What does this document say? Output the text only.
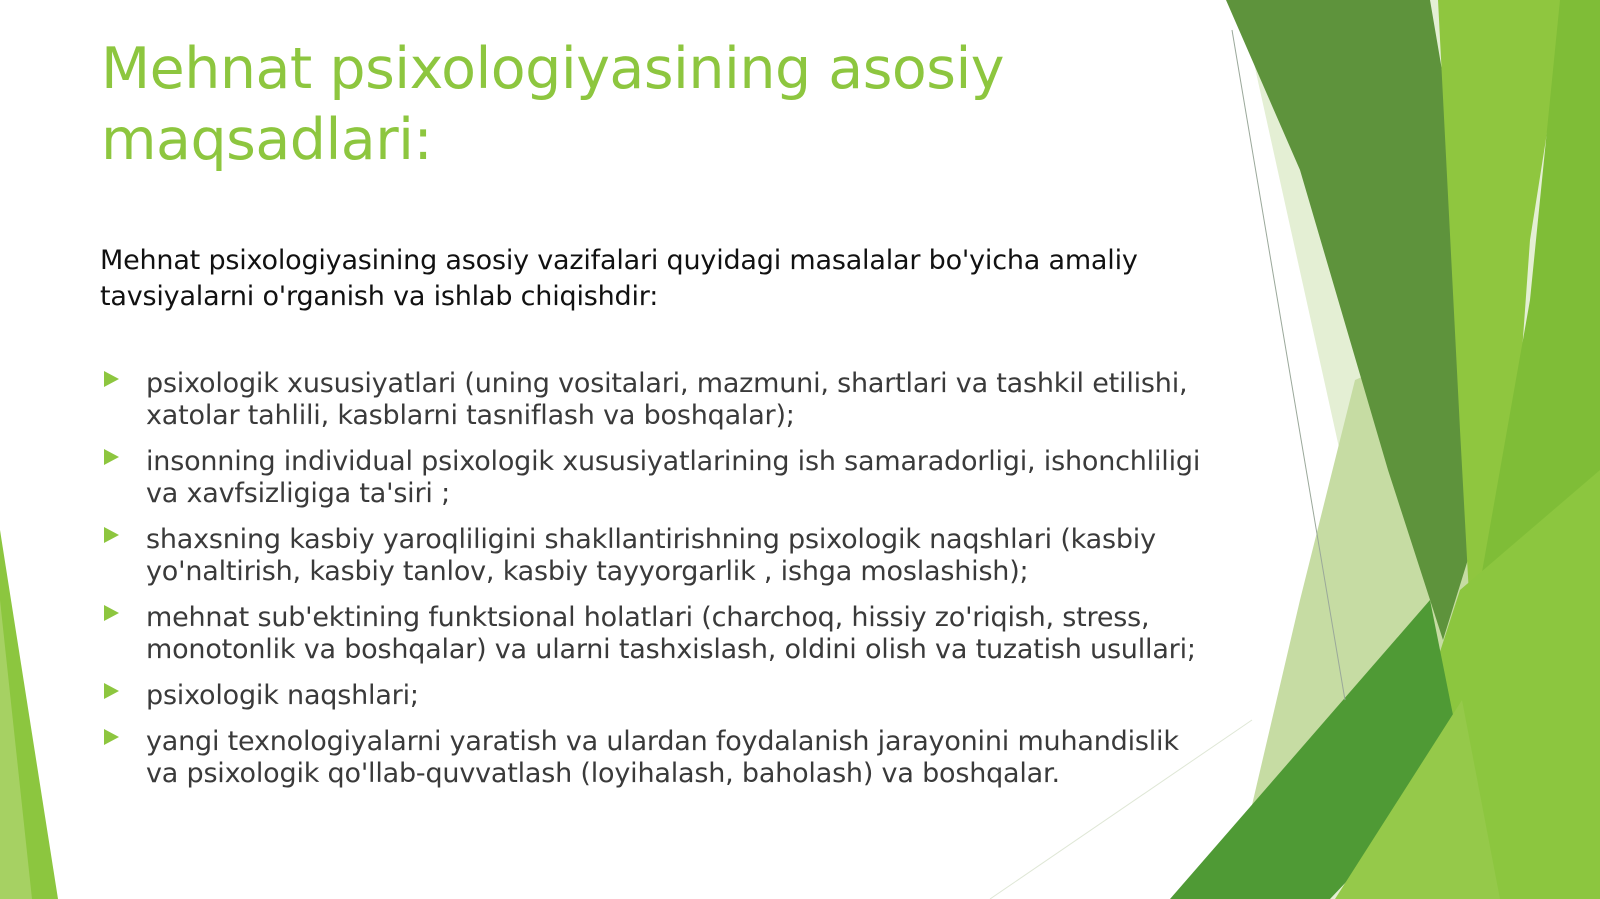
Mehnat psixologiyasining asosiy maqsadlari:

Mehnat psixologiyasining asosiy vazifalari quyidagi masalalar bo'yicha amaliy tavsiyalarni o'rganish va ishlab chiqishdir:

psixologik xususiyatlari (uning vositalari, mazmuni, shartlari va tashkil etilishi, xatolar tahlili, kasblarni tasniflash va boshqalar);
insonning individual psixologik xususiyatlarining ish samaradorligi, ishonchliligi va xavfsizligiga ta'siri ;
shaxsning kasbiy yaroqliligini shakllantirishning psixologik naqshlari (kasbiy yo'naltirish, kasbiy tanlov, kasbiy tayyorgarlik , ishga moslashish);
mehnat sub'ektining funktsional holatlari (charchoq, hissiy zo'riqish, stress, monotonlik va boshqalar) va ularni tashxislash, oldini olish va tuzatish usullari;
psixologik naqshlari;
yangi texnologiyalarni yaratish va ulardan foydalanish jarayonini muhandislik va psixologik qo'llab-quvvatlash (loyihalash, baholash) va boshqalar.
